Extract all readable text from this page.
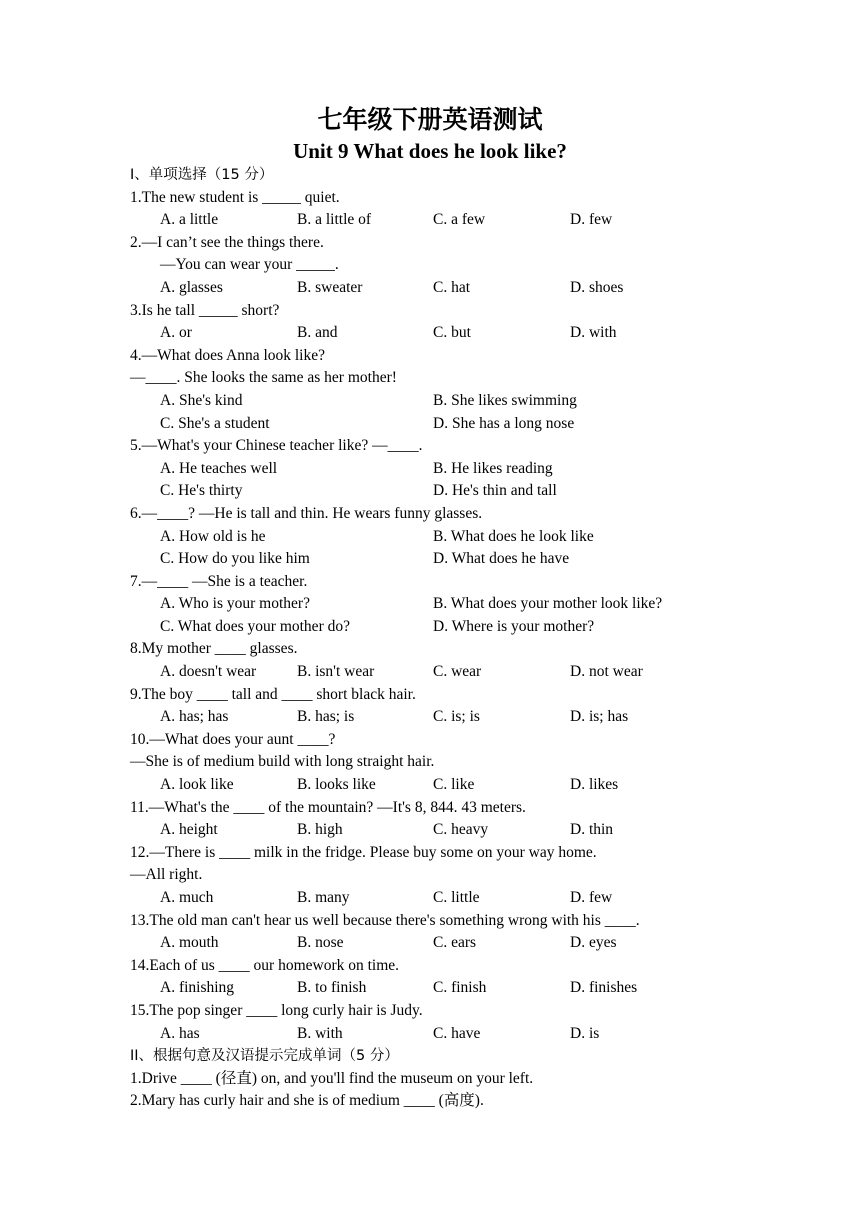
七年级下册英语测试
Unit 9 What does he look like?
I、单项选择（15 分）
1.The new student is _____ quiet.
A. a little	B. a little of	C. a few	D. few
2.—I can’t see the things there.
—You can wear your _____.
A. glasses	B. sweater	C. hat	D. shoes
3.Is he tall _____ short?
A. or	B. and	C. but	D. with
4.—What does Anna look like?
—____. She looks the same as her mother!
A. She's kind	B. She likes swimming
C. She's a student	D. She has a long nose
5.—What's your Chinese teacher like? —____.
A. He teaches well	B. He likes reading
C. He's thirty	D. He's thin and tall
6.—____? —He is tall and thin. He wears funny glasses.
A. How old is he	B. What does he look like
C. How do you like him	D. What does he have
7.—____ —She is a teacher.
A. Who is your mother?	B. What does your mother look like?
C. What does your mother do?	D. Where is your mother?
8.My mother ____ glasses.
A. doesn't wear	B. isn't wear	C. wear	D. not wear
9.The boy ____ tall and ____ short black hair.
A. has; has	B. has; is	C. is; is	D. is; has
10.—What does your aunt ____?
—She is of medium build with long straight hair.
A. look like	B. looks like	C. like	D. likes
11.—What's the ____ of the mountain? —It's 8, 844. 43 meters.
A. height	B. high	C. heavy	D. thin
12.—There is ____ milk in the fridge. Please buy some on your way home.
—All right.
A. much	B. many	C. little	D. few
13.The old man can't hear us well because there's something wrong with his ____.
A. mouth	B. nose	C. ears	D. eyes
14.Each of us ____ our homework on time.
A. finishing	B. to finish	C. finish	D. finishes
15.The pop singer ____ long curly hair is Judy.
A. has	B. with	C. have	D. is
II、根据句意及汉语提示完成单词（5 分）
1.Drive ____ (径直) on, and you'll find the museum on your left.
2.Mary has curly hair and she is of medium ____ (高度).
